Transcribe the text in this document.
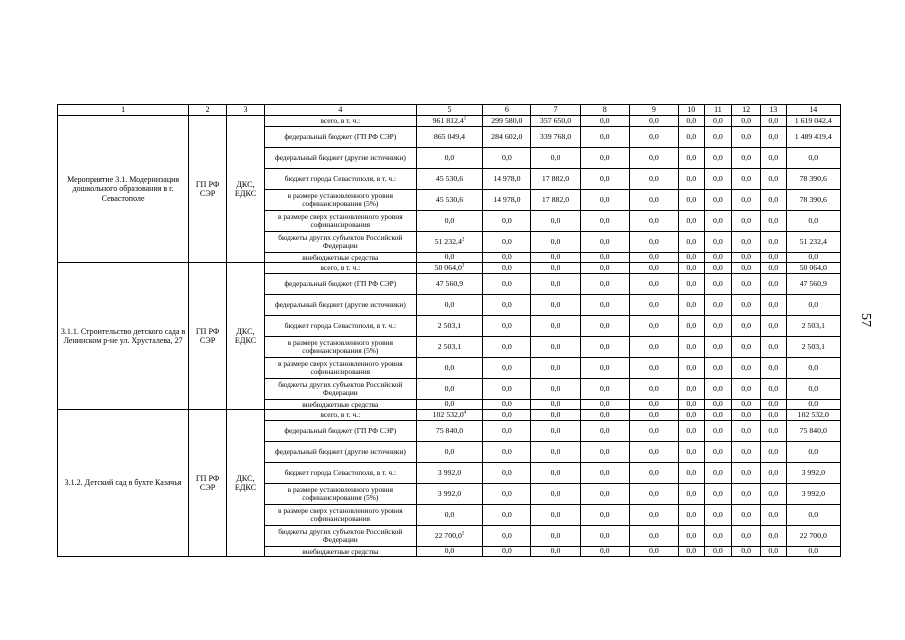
1	2	3	4	5	6	7	8	9	10	11	12	13	14
Мероприятие 3.1. Модернизация дошкольного образования в г. Севастополе	ГП РФ СЭР	ДКС, ЕДКС	всего, в т. ч.:	961 812,4$^1$	299 580,0	357 650,0	0,0	0,0	0,0	0,0	0,0	0,0	1 619 042,4
			федеральный бюджет (ГП РФ СЭР)	865 049,4	284 602,0	339 768,0	0,0	0,0	0,0	0,0	0,0	0,0	1 489 419,4
			федеральный бюджет (другие источники)	0,0	0,0	0,0	0,0	0,0	0,0	0,0	0,0	0,0	0,0
			бюджет города Севастополя, в т. ч.:	45 530,6	14 978,0	17 882,0	0,0	0,0	0,0	0,0	0,0	0,0	78 390,6
			в размере установленного уровня софинансирования (5%)	45 530,6	14 978,0	17 882,0	0,0	0,0	0,0	0,0	0,0	0,0	78 390,6
			в размере сверх установленного уровня софинансирования	0,0	0,0	0,0	0,0	0,0	0,0	0,0	0,0	0,0	0,0
			бюджеты других субъектов Российской Федерации	51 232,4$^2$	0,0	0,0	0,0	0,0	0,0	0,0	0,0	0,0	51 232,4
			внебюджетные средства	0,0	0,0	0,0	0,0	0,0	0,0	0,0	0,0	0,0	0,0
3.1.1. Строительство детского сада в Ленинском р-не ул. Хрусталева, 27	ГП РФ СЭР	ДКС, ЕДКС	всего, в т. ч.:	50 064,0$^3$	0,0	0,0	0,0	0,0	0,0	0,0	0,0	0,0	50 064,0
			федеральный бюджет (ГП РФ СЭР)	47 560,9	0,0	0,0	0,0	0,0	0,0	0,0	0,0	0,0	47 560,9
			федеральный бюджет (другие источники)	0,0	0,0	0,0	0,0	0,0	0,0	0,0	0,0	0,0	0,0
			бюджет города Севастополя, в т. ч.:	2 503,1	0,0	0,0	0,0	0,0	0,0	0,0	0,0	0,0	2 503,1
			в размере установленного уровня софинансирования (5%)	2 503,1	0,0	0,0	0,0	0,0	0,0	0,0	0,0	0,0	2 503,1
			в размере сверх установленного уровня софинансирования	0,0	0,0	0,0	0,0	0,0	0,0	0,0	0,0	0,0	0,0
			бюджеты других субъектов Российской Федерации	0,0	0,0	0,0	0,0	0,0	0,0	0,0	0,0	0,0	0,0
			внебюджетные средства	0,0	0,0	0,0	0,0	0,0	0,0	0,0	0,0	0,0	0,0
3.1.2. Детский сад в бухте Казачья	ГП РФ СЭР	ДКС, ЕДКС	всего, в т. ч.:	102 532,0$^4$	0,0	0,0	0,0	0,0	0,0	0,0	0,0	0,0	102 532,0
			федеральный бюджет (ГП РФ СЭР)	75 840,0	0,0	0,0	0,0	0,0	0,0	0,0	0,0	0,0	75 840,0
			федеральный бюджет (другие источники)	0,0	0,0	0,0	0,0	0,0	0,0	0,0	0,0	0,0	0,0
			бюджет города Севастополя, в т. ч.:	3 992,0	0,0	0,0	0,0	0,0	0,0	0,0	0,0	0,0	3 992,0
			в размере установленного уровня софинансирования (5%)	3 992,0	0,0	0,0	0,0	0,0	0,0	0,0	0,0	0,0	3 992,0
			в размере сверх установленного уровня софинансирования	0,0	0,0	0,0	0,0	0,0	0,0	0,0	0,0	0,0	0,0
			бюджеты других субъектов Российской Федерации	22 700,0$^5$	0,0	0,0	0,0	0,0	0,0	0,0	0,0	0,0	22 700,0
			внебюджетные средства	0,0	0,0	0,0	0,0	0,0	0,0	0,0	0,0	0,0	0,0
57
